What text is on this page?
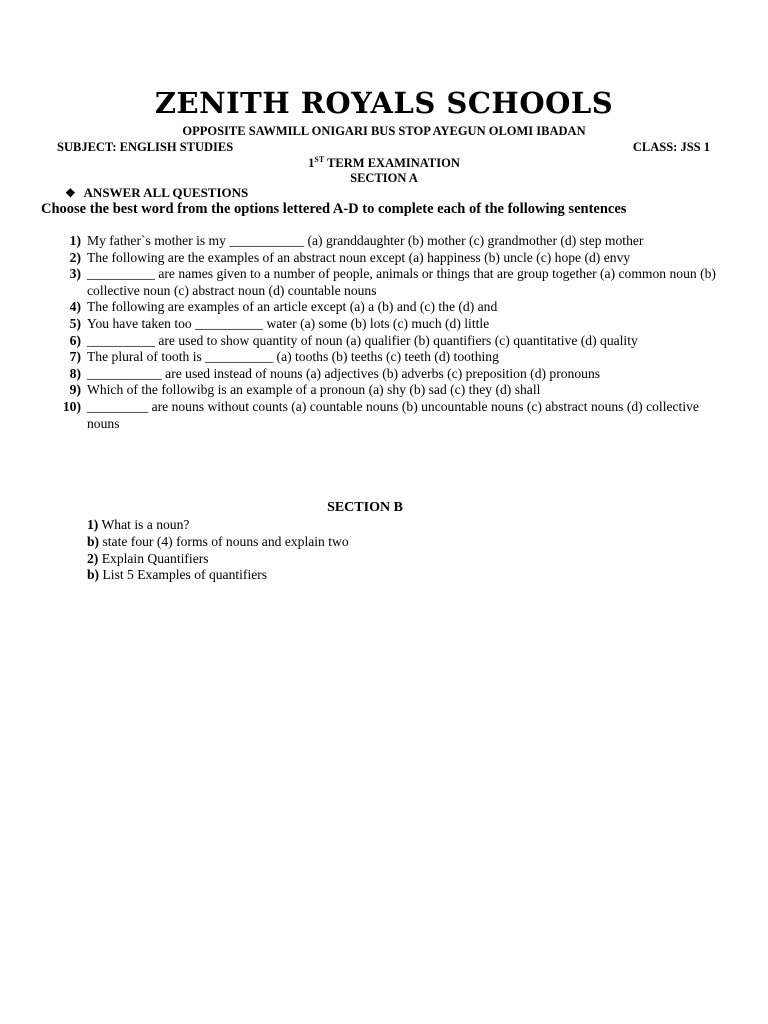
ZENITH ROYALS SCHOOLS
OPPOSITE SAWMILL ONIGARI BUS STOP AYEGUN OLOMI IBADAN
SUBJECT: ENGLISH STUDIES	CLASS: JSS 1
1ST TERM EXAMINATION
SECTION A
❖ ANSWER ALL QUESTIONS
Choose the best word from the options lettered A-D to complete each of the following sentences
1) My father`s mother is my ___________ (a) granddaughter (b) mother (c) grandmother (d) step mother
2) The following are the examples of an abstract noun except (a) happiness (b) uncle (c) hope (d) envy
3) __________ are names given to a number of people, animals or things that are group together (a) common noun (b) collective noun (c) abstract noun (d) countable nouns
4) The following are examples of an article except (a) a (b) and (c) the (d) and
5) You have taken too __________ water (a) some (b) lots (c) much (d) little
6) __________ are used to show quantity of noun (a) qualifier (b) quantifiers (c) quantitative (d) quality
7) The plural of tooth is __________ (a) tooths (b) teeths (c) teeth (d) toothing
8) ___________ are used instead of nouns (a) adjectives (b) adverbs (c) preposition (d) pronouns
9) Which of the followibg is an example of a pronoun (a) shy (b) sad (c) they (d) shall
10) _________ are nouns without counts (a) countable nouns (b) uncountable nouns (c) abstract nouns (d) collective nouns
SECTION B
1) What is a noun?
b) state four (4) forms of nouns and explain two
2) Explain Quantifiers
b) List 5 Examples of quantifiers
